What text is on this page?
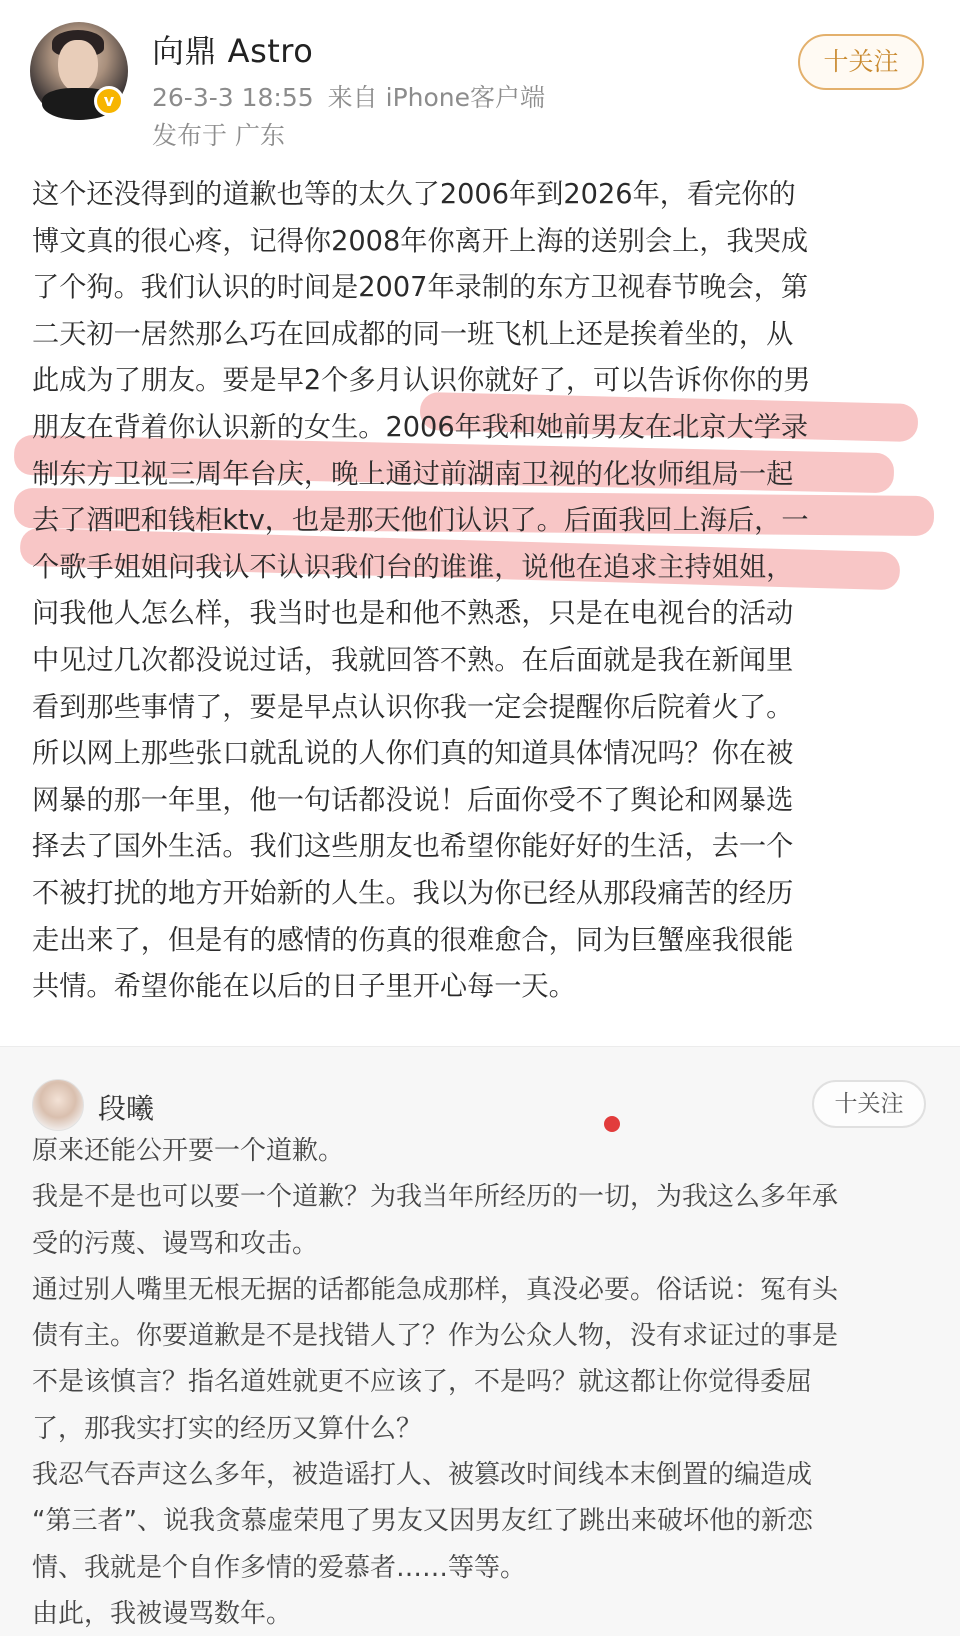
v
向鼎 Astro
26-3-3 18:55 来自 iPhone客户端
发布于 广东
十关注
这个还没得到的道歉也等的太久了2006年到2026年，看完你的
博文真的很心疼，记得你2008年你离开上海的送别会上，我哭成
了个狗。我们认识的时间是2007年录制的东方卫视春节晚会，第
二天初一居然那么巧在回成都的同一班飞机上还是挨着坐的，从
此成为了朋友。要是早2个多月认识你就好了，可以告诉你你的男
朋友在背着你认识新的女生。2006年我和她前男友在北京大学录
制东方卫视三周年台庆，晚上通过前湖南卫视的化妆师组局一起
去了酒吧和钱柜ktv，也是那天他们认识了。后面我回上海后，一
个歌手姐姐问我认不认识我们台的谁谁，说他在追求主持姐姐，
问我他人怎么样，我当时也是和他不熟悉，只是在电视台的活动
中见过几次都没说过话，我就回答不熟。在后面就是我在新闻里
看到那些事情了，要是早点认识你我一定会提醒你后院着火了。
所以网上那些张口就乱说的人你们真的知道具体情况吗？你在被
网暴的那一年里，他一句话都没说！后面你受不了舆论和网暴选
择去了国外生活。我们这些朋友也希望你能好好的生活，去一个
不被打扰的地方开始新的人生。我以为你已经从那段痛苦的经历
走出来了，但是有的感情的伤真的很难愈合，同为巨蟹座我很能
共情。希望你能在以后的日子里开心每一天。
段曦	十关注
原来还能公开要一个道歉。
我是不是也可以要一个道歉？为我当年所经历的一切，为我这么多年承
受的污蔑、谩骂和攻击。
通过别人嘴里无根无据的话都能急成那样，真没必要。俗话说：冤有头
债有主。你要道歉是不是找错人了？作为公众人物，没有求证过的事是
不是该慎言？指名道姓就更不应该了，不是吗？就这都让你觉得委屈
了，那我实打实的经历又算什么？
我忍气吞声这么多年，被造谣打人、被篡改时间线本末倒置的编造成
“第三者”、说我贪慕虚荣甩了男友又因男友红了跳出来破坏他的新恋
情、我就是个自作多情的爱慕者……等等。
由此，我被谩骂数年。
